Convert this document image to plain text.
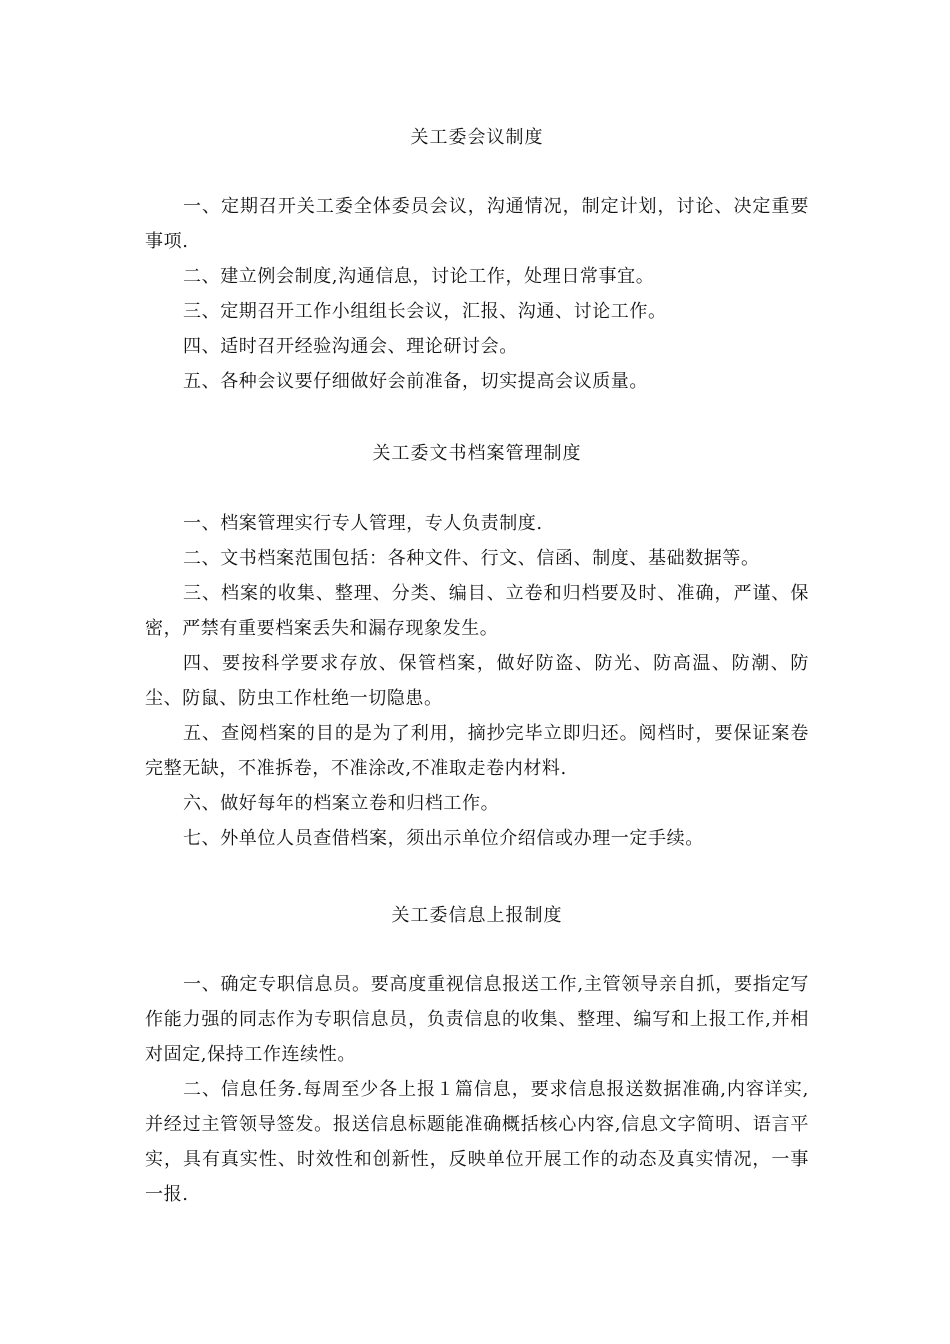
关工委会议制度

一、定期召开关工委全体委员会议，沟通情况，制定计划，讨论、决定重要事项.

二、建立例会制度,沟通信息，讨论工作，处理日常事宜。

三、定期召开工作小组组长会议，汇报、沟通、讨论工作。

四、适时召开经验沟通会、理论研讨会。

五、各种会议要仔细做好会前准备，切实提高会议质量。

关工委文书档案管理制度

一、档案管理实行专人管理，专人负责制度.

二、文书档案范围包括：各种文件、行文、信函、制度、基础数据等。

三、档案的收集、整理、分类、编目、立卷和归档要及时、准确，严谨、保密，严禁有重要档案丢失和漏存现象发生。

四、要按科学要求存放、保管档案，做好防盗、防光、防高温、防潮、防尘、防鼠、防虫工作杜绝一切隐患。

五、查阅档案的目的是为了利用，摘抄完毕立即归还。阅档时，要保证案卷完整无缺，不准拆卷，不准涂改,不准取走卷内材料.

六、做好每年的档案立卷和归档工作。

七、外单位人员查借档案，须出示单位介绍信或办理一定手续。

关工委信息上报制度

一、确定专职信息员。要高度重视信息报送工作,主管领导亲自抓，要指定写作能力强的同志作为专职信息员，负责信息的收集、整理、编写和上报工作,并相对固定,保持工作连续性。

二、信息任务.每周至少各上报１篇信息，要求信息报送数据准确,内容详实,并经过主管领导签发。报送信息标题能准确概括核心内容,信息文字简明、语言平实，具有真实性、时效性和创新性，反映单位开展工作的动态及真实情况，一事一报.
